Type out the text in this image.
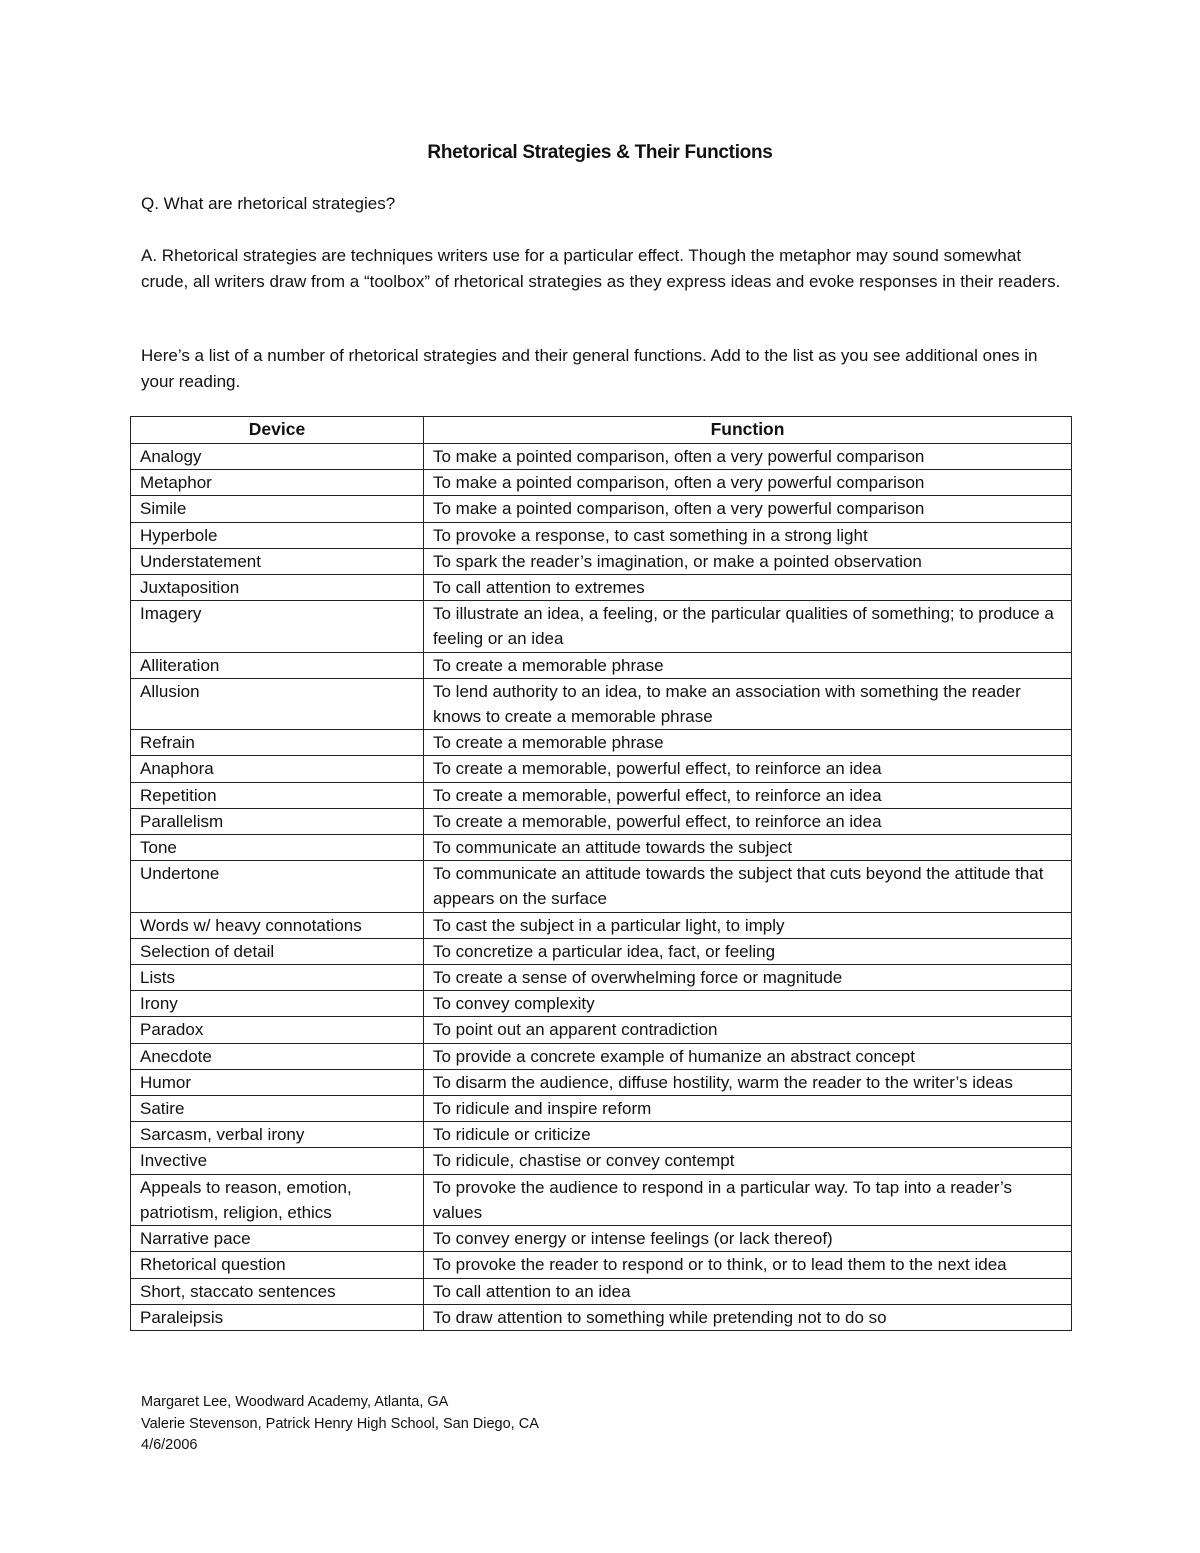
Rhetorical Strategies & Their Functions
Q. What are rhetorical strategies?
A. Rhetorical strategies are techniques writers use for a particular effect. Though the metaphor may sound somewhat crude, all writers draw from a “toolbox” of rhetorical strategies as they express ideas and evoke responses in their readers.
Here’s a list of a number of rhetorical strategies and their general functions. Add to the list as you see additional ones in your reading.
Device	Function
Analogy	To make a pointed comparison, often a very powerful comparison
Metaphor	To make a pointed comparison, often a very powerful comparison
Simile	To make a pointed comparison, often a very powerful comparison
Hyperbole	To provoke a response, to cast something in a strong light
Understatement	To spark the reader’s imagination, or make a pointed observation
Juxtaposition	To call attention to extremes
Imagery	To illustrate an idea, a feeling, or the particular qualities of something; to produce a feeling or an idea
Alliteration	To create a memorable phrase
Allusion	To lend authority to an idea, to make an association with something the reader knows to create a memorable phrase
Refrain	To create a memorable phrase
Anaphora	To create a memorable, powerful effect, to reinforce an idea
Repetition	To create a memorable, powerful effect, to reinforce an idea
Parallelism	To create a memorable, powerful effect, to reinforce an idea
Tone	To communicate an attitude towards the subject
Undertone	To communicate an attitude towards the subject that cuts beyond the attitude that appears on the surface
Words w/ heavy connotations	To cast the subject in a particular light, to imply
Selection of detail	To concretize a particular idea, fact, or feeling
Lists	To create a sense of overwhelming force or magnitude
Irony	To convey complexity
Paradox	To point out an apparent contradiction
Anecdote	To provide a concrete example of humanize an abstract concept
Humor	To disarm the audience, diffuse hostility, warm the reader to the writer’s ideas
Satire	To ridicule and inspire reform
Sarcasm, verbal irony	To ridicule or criticize
Invective	To ridicule, chastise or convey contempt
Appeals to reason, emotion, patriotism, religion, ethics	To provoke the audience to respond in a particular way. To tap into a reader’s values
Narrative pace	To convey energy or intense feelings (or lack thereof)
Rhetorical question	To provoke the reader to respond or to think, or to lead them to the next idea
Short, staccato sentences	To call attention to an idea
Paraleipsis	To draw attention to something while pretending not to do so
Margaret Lee, Woodward Academy, Atlanta, GA
Valerie Stevenson, Patrick Henry High School, San Diego, CA
4/6/2006
